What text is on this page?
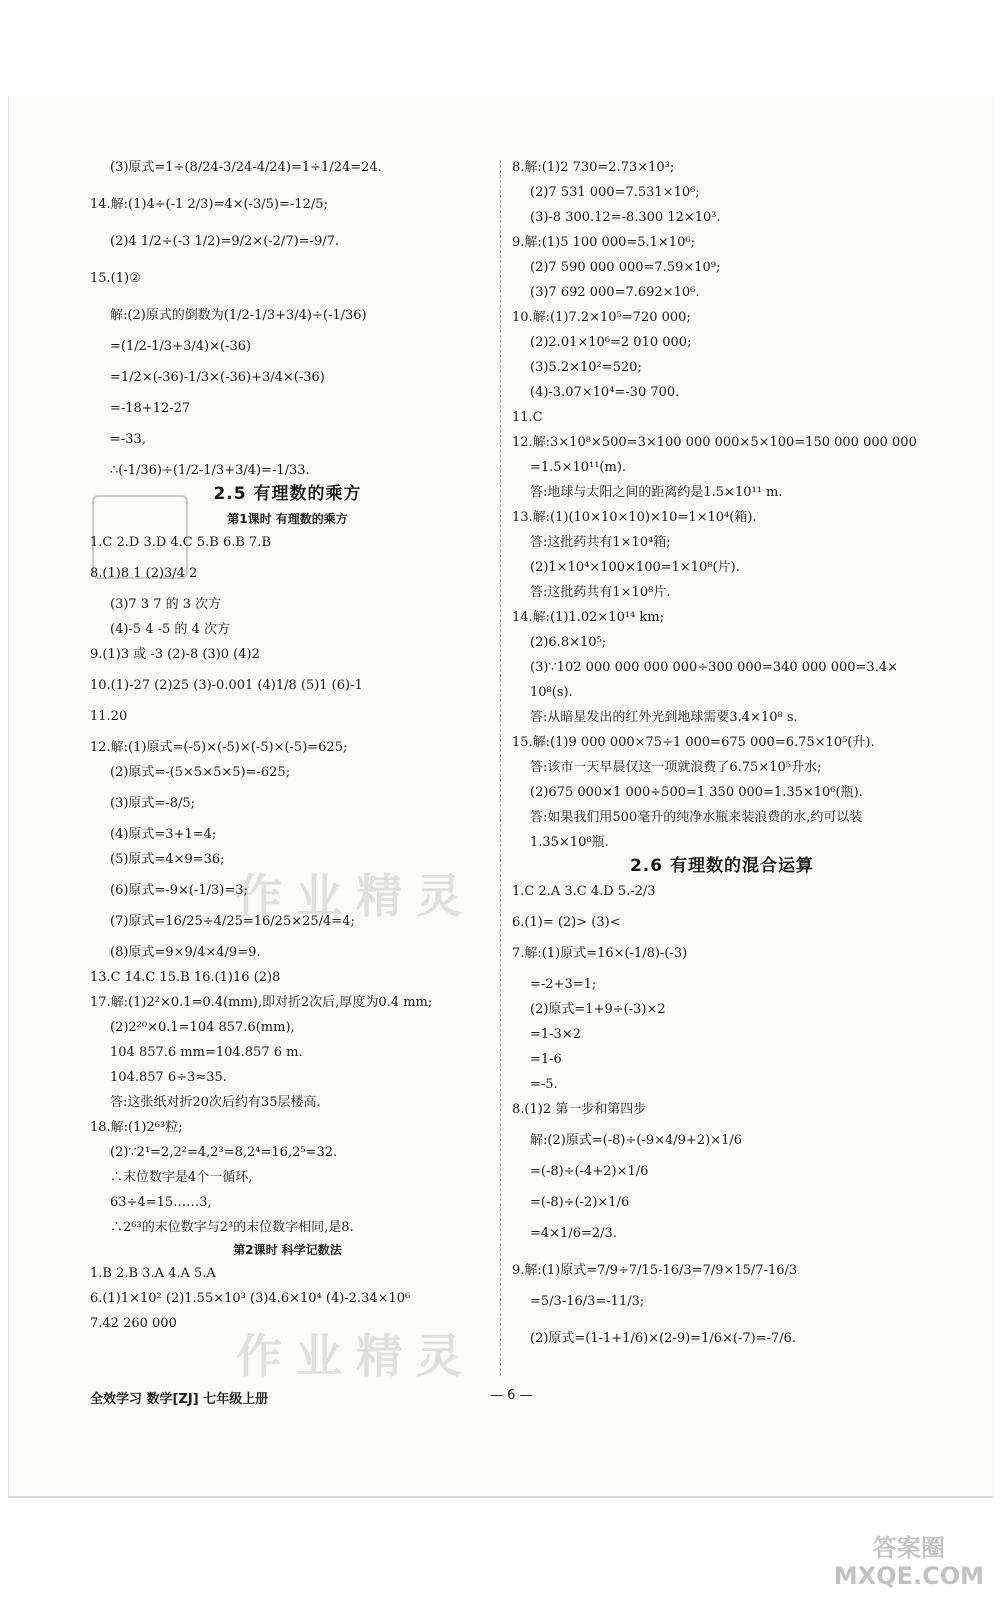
作业精灵
作业精灵

(3)原式=1÷(8/24-3/24-4/24)=1÷1/24=24.

14.解:(1)4÷(-1 2/3)=4×(-3/5)=-12/5;

(2)4 1/2÷(-3 1/2)=9/2×(-2/7)=-9/7.

15.(1)②

解:(2)原式的倒数为(1/2-1/3+3/4)÷(-1/36)

=(1/2-1/3+3/4)×(-36)

=1/2×(-36)-1/3×(-36)+3/4×(-36)

=-18+12-27

=-33,

∴(-1/36)÷(1/2-1/3+3/4)=-1/33.

2.5 有理数的乘方
第1课时 有理数的乘方

1.C 2.D 3.D 4.C 5.B 6.B 7.B

8.(1)8 1 (2)3/4 2

(3)7 3 7 的 3 次方

(4)-5 4 -5 的 4 次方

9.(1)3 或 -3 (2)-8 (3)0 (4)2

10.(1)-27 (2)25 (3)-0.001 (4)1/8 (5)1 (6)-1

11.20

12.解:(1)原式=(-5)×(-5)×(-5)×(-5)=625;

(2)原式=-(5×5×5×5)=-625;

(3)原式=-8/5;

(4)原式=3+1=4;

(5)原式=4×9=36;

(6)原式=-9×(-1/3)=3;

(7)原式=16/25÷4/25=16/25×25/4=4;

(8)原式=9×9/4×4/9=9.

13.C 14.C 15.B 16.(1)16 (2)8

17.解:(1)2²×0.1=0.4(mm),即对折2次后,厚度为0.4 mm;

(2)2²⁰×0.1=104 857.6(mm),

104 857.6 mm=104.857 6 m.

104.857 6÷3≈35.

答:这张纸对折20次后约有35层楼高.

18.解:(1)2⁶³粒;

(2)∵2¹=2,2²=4,2³=8,2⁴=16,2⁵=32.

∴末位数字是4个一循环,

63÷4=15……3,

∴2⁶³的末位数字与2³的末位数字相同,是8.

第2课时 科学记数法

1.B 2.B 3.A 4.A 5.A

6.(1)1×10² (2)1.55×10³ (3)4.6×10⁴ (4)-2.34×10⁶

7.42 260 000

8.解:(1)2 730=2.73×10³;

(2)7 531 000=7.531×10⁶;

(3)-8 300.12=-8.300 12×10³.

9.解:(1)5 100 000=5.1×10⁶;

(2)7 590 000 000=7.59×10⁹;

(3)7 692 000=7.692×10⁶.

10.解:(1)7.2×10⁵=720 000;

(2)2.01×10⁶=2 010 000;

(3)5.2×10²=520;

(4)-3.07×10⁴=-30 700.

11.C

12.解:3×10⁸×500=3×100 000 000×5×100=150 000 000 000

=1.5×10¹¹(m).

答:地球与太阳之间的距离约是1.5×10¹¹ m.

13.解:(1)(10×10×10)×10=1×10⁴(箱).

答:这批药共有1×10⁴箱;

(2)1×10⁴×100×100=1×10⁸(片).

答:这批药共有1×10⁸片.

14.解:(1)1.02×10¹⁴ km;

(2)6.8×10⁵;

(3)∵102 000 000 000 000÷300 000=340 000 000=3.4×

10⁸(s).

答:从暗星发出的红外光到地球需要3.4×10⁸ s.

15.解:(1)9 000 000×75÷1 000=675 000=6.75×10⁵(升).

答:该市一天早晨仅这一项就浪费了6.75×10⁵升水;

(2)675 000×1 000÷500=1 350 000=1.35×10⁶(瓶).

答:如果我们用500毫升的纯净水瓶来装浪费的水,约可以装

1.35×10⁶瓶.

2.6 有理数的混合运算

1.C 2.A 3.C 4.D 5.-2/3

6.(1)= (2)> (3)<

7.解:(1)原式=16×(-1/8)-(-3)

=-2+3=1;

(2)原式=1+9÷(-3)×2

=1-3×2

=1-6

=-5.

8.(1)2 第一步和第四步

解:(2)原式=(-8)÷(-9×4/9+2)×1/6

=(-8)÷(-4+2)×1/6

=(-8)÷(-2)×1/6

=4×1/6=2/3.

9.解:(1)原式=7/9÷7/15-16/3=7/9×15/7-16/3

=5/3-16/3=-11/3;

(2)原式=(1-1+1/6)×(2-9)=1/6×(-7)=-7/6.

全效学习 数学[ZJ] 七年级上册	— 6 —
答案圈
MXQE.COM
